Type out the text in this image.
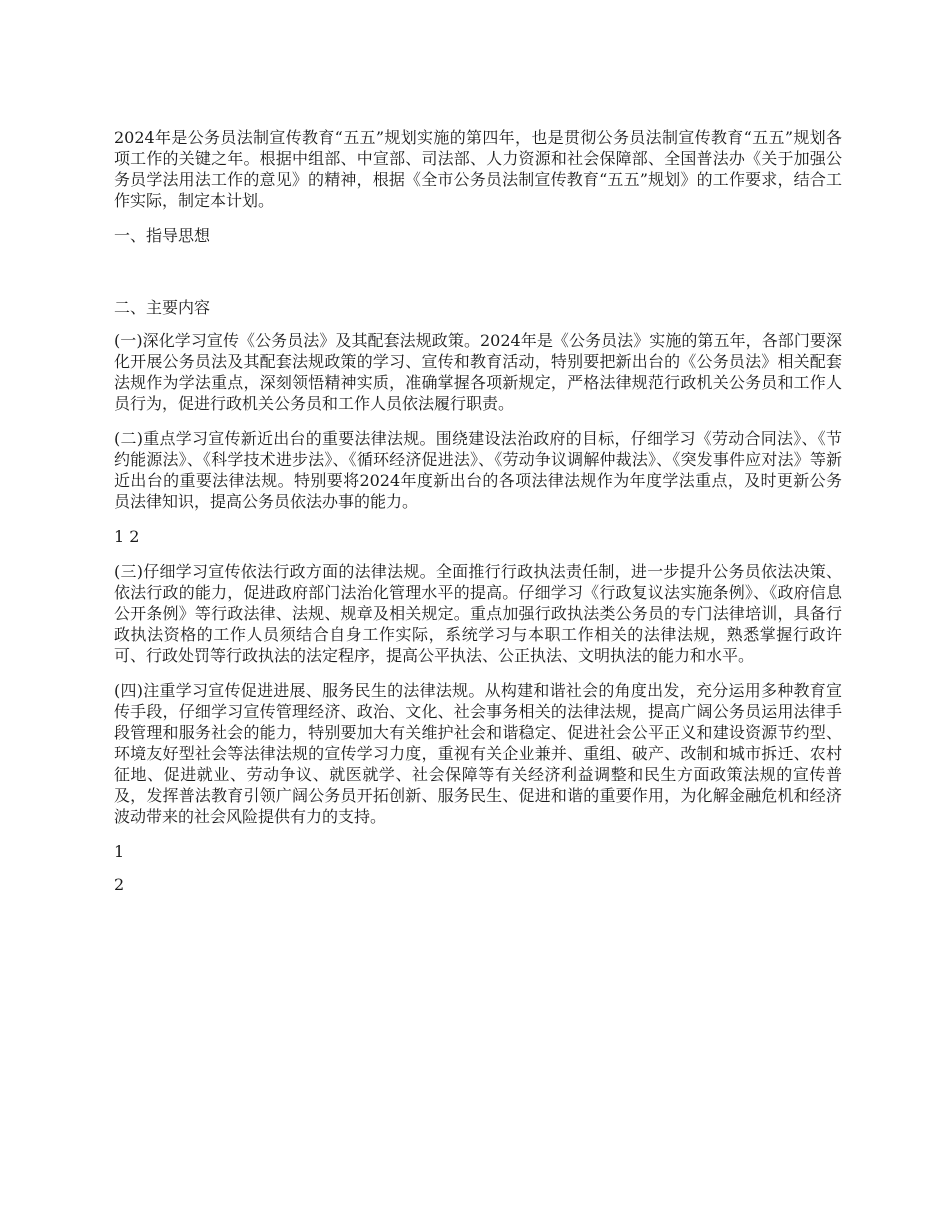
2024年是公务员法制宣传教育“五五”规划实施的第四年，也是贯彻公务员法制宣传教育“五五”规划各项工作的关键之年。根据中组部、中宣部、司法部、人力资源和社会保障部、全国普法办《关于加强公务员学法用法工作的意见》的精神，根据《全市公务员法制宣传教育“五五”规划》的工作要求，结合工作实际，制定本计划。

一、指导思想

二、主要内容

(一)深化学习宣传《公务员法》及其配套法规政策。2024年是《公务员法》实施的第五年，各部门要深化开展公务员法及其配套法规政策的学习、宣传和教育活动，特别要把新出台的《公务员法》相关配套法规作为学法重点，深刻领悟精神实质，准确掌握各项新规定，严格法律规范行政机关公务员和工作人员行为，促进行政机关公务员和工作人员依法履行职责。

(二)重点学习宣传新近出台的重要法律法规。围绕建设法治政府的目标，仔细学习《劳动合同法》、《节约能源法》、《科学技术进步法》、《循环经济促进法》、《劳动争议调解仲裁法》、《突发事件应对法》等新近出台的重要法律法规。特别要将2024年度新出台的各项法律法规作为年度学法重点，及时更新公务员法律知识，提高公务员依法办事的能力。

1 2

(三)仔细学习宣传依法行政方面的法律法规。全面推行行政执法责任制，进一步提升公务员依法决策、依法行政的能力，促进政府部门法治化管理水平的提高。仔细学习《行政复议法实施条例》、《政府信息公开条例》等行政法律、法规、规章及相关规定。重点加强行政执法类公务员的专门法律培训，具备行政执法资格的工作人员须结合自身工作实际，系统学习与本职工作相关的法律法规，熟悉掌握行政许可、行政处罚等行政执法的法定程序，提高公平执法、公正执法、文明执法的能力和水平。

(四)注重学习宣传促进进展、服务民生的法律法规。从构建和谐社会的角度出发，充分运用多种教育宣传手段，仔细学习宣传管理经济、政治、文化、社会事务相关的法律法规，提高广阔公务员运用法律手段管理和服务社会的能力，特别要加大有关维护社会和谐稳定、促进社会公平正义和建设资源节约型、环境友好型社会等法律法规的宣传学习力度，重视有关企业兼并、重组、破产、改制和城市拆迁、农村征地、促进就业、劳动争议、就医就学、社会保障等有关经济利益调整和民生方面政策法规的宣传普及，发挥普法教育引领广阔公务员开拓创新、服务民生、促进和谐的重要作用，为化解金融危机和经济波动带来的社会风险提供有力的支持。

1

2
